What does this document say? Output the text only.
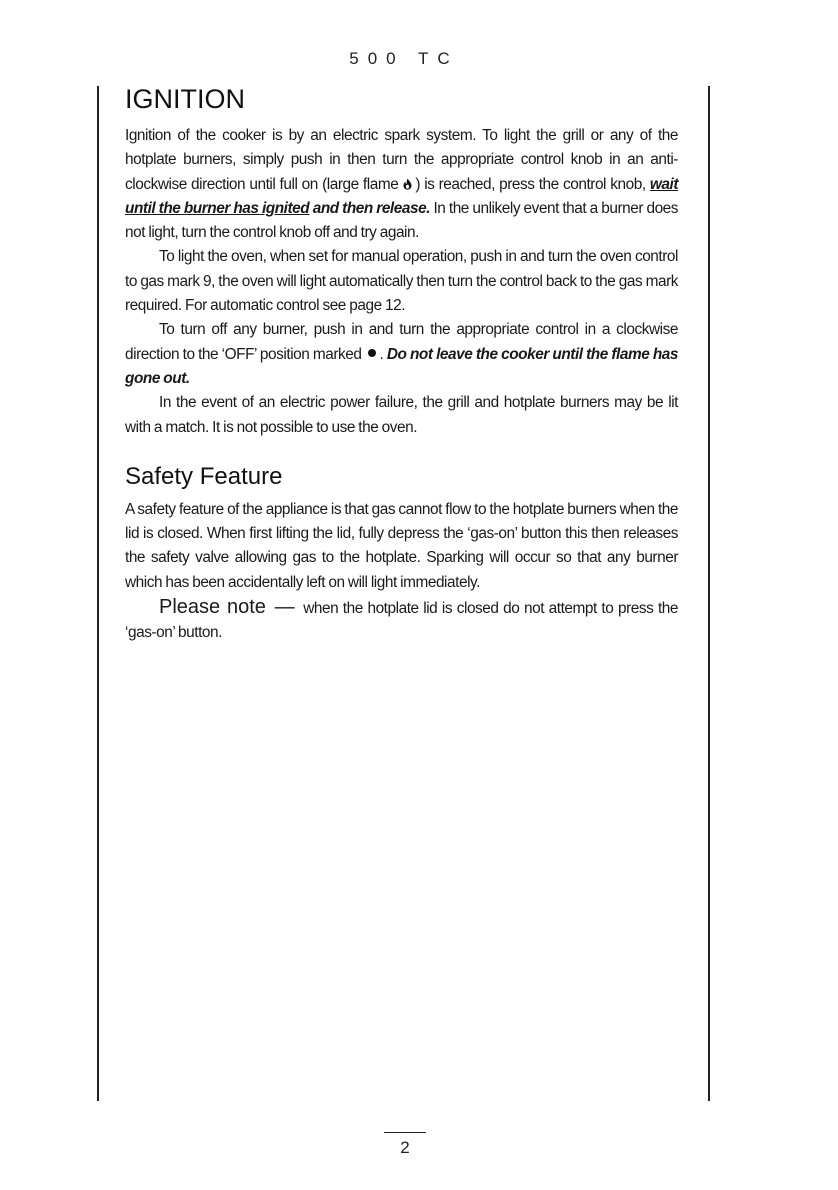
500 TC
IGNITION

Ignition of the cooker is by an electric spark system. To light the grill or any of the hotplate burners, simply push in then turn the appropriate control knob in an anti-clockwise direction until full on (large flame ) is reached, press the control knob, wait until the burner has ignited and then release. In the unlikely event that a burner does not light, turn the control knob off and try again.

To light the oven, when set for manual operation, push in and turn the oven control to gas mark 9, the oven will light automatically then turn the control back to the gas mark required. For automatic control see page 12.

To turn off any burner, push in and turn the appropriate control in a clockwise direction to the ‘OFF’ position marked . Do not leave the cooker until the flame has gone out.

In the event of an electric power failure, the grill and hotplate burners may be lit with a match. It is not possible to use the oven.

Safety Feature

A safety feature of the appliance is that gas cannot flow to the hotplate burners when the lid is closed. When first lifting the lid, fully depress the ‘gas-on’ button this then releases the safety valve allowing gas to the hotplate. Sparking will occur so that any burner which has been accidentally left on will light immediately.

Please note — when the hotplate lid is closed do not attempt to press the ‘gas-on’ button.

2
